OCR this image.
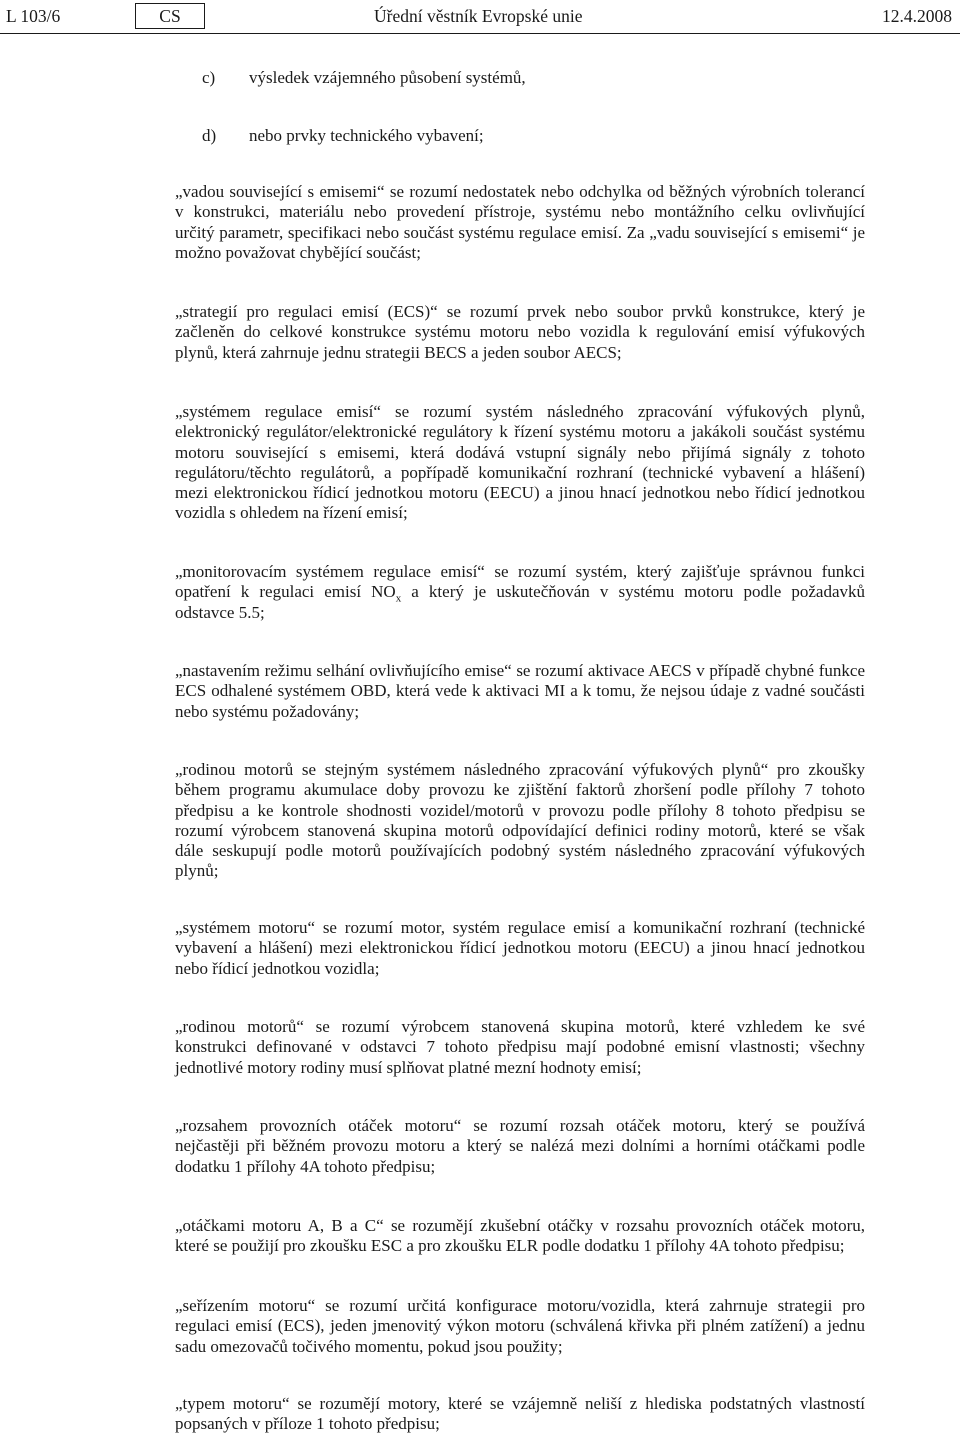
L 103/6	CS	Úřední věstník Evropské unie	12.4.2008
c) výsledek vzájemného působení systémů,
d) nebo prvky technického vybavení;
„vadou související s emisemi“ se rozumí nedostatek nebo odchylka od běžných výrobních tolerancí
v konstrukci, materiálu nebo provedení přístroje, systému nebo montážního celku ovlivňující
určitý parametr, specifikaci nebo součást systému regulace emisí. Za „vadu související s emisemi“ je
možno považovat chybějící součást;
„strategií pro regulaci emisí (ECS)“ se rozumí prvek nebo soubor prvků konstrukce, který je
začleněn do celkové konstrukce systému motoru nebo vozidla k regulování emisí výfukových
plynů, která zahrnuje jednu strategii BECS a jeden soubor AECS;
„systémem regulace emisí“ se rozumí systém následného zpracování výfukových plynů,
elektronický regulátor/elektronické regulátory k řízení systému motoru a jakákoli součást systému
motoru související s emisemi, která dodává vstupní signály nebo přijímá signály z tohoto
regulátoru/těchto regulátorů, a popřípadě komunikační rozhraní (technické vybavení a hlášení)
mezi elektronickou řídicí jednotkou motoru (EECU) a jinou hnací jednotkou nebo řídicí jednotkou
vozidla s ohledem na řízení emisí;
„monitorovacím systémem regulace emisí“ se rozumí systém, který zajišťuje správnou funkci
opatření k regulaci emisí $NO_x$ a který je uskutečňován v systému motoru podle požadavků
odstavce 5.5;
„nastavením režimu selhání ovlivňujícího emise“ se rozumí aktivace AECS v případě chybné funkce
ECS odhalené systémem OBD, která vede k aktivaci MI a k tomu, že nejsou údaje z vadné součásti
nebo systému požadovány;
„rodinou motorů se stejným systémem následného zpracování výfukových plynů“ pro zkoušky
během programu akumulace doby provozu ke zjištění faktorů zhoršení podle přílohy 7 tohoto
předpisu a ke kontrole shodnosti vozidel/motorů v provozu podle přílohy 8 tohoto předpisu se
rozumí výrobcem stanovená skupina motorů odpovídající definici rodiny motorů, které se však
dále seskupují podle motorů používajících podobný systém následného zpracování výfukových
plynů;
„systémem motoru“ se rozumí motor, systém regulace emisí a komunikační rozhraní (technické
vybavení a hlášení) mezi elektronickou řídicí jednotkou motoru (EECU) a jinou hnací jednotkou
nebo řídicí jednotkou vozidla;
„rodinou motorů“ se rozumí výrobcem stanovená skupina motorů, které vzhledem ke své
konstrukci definované v odstavci 7 tohoto předpisu mají podobné emisní vlastnosti; všechny
jednotlivé motory rodiny musí splňovat platné mezní hodnoty emisí;
„rozsahem provozních otáček motoru“ se rozumí rozsah otáček motoru, který se používá
nejčastěji při běžném provozu motoru a který se nalézá mezi dolními a horními otáčkami podle
dodatku 1 přílohy 4A tohoto předpisu;
„otáčkami motoru A, B a C“ se rozumějí zkušební otáčky v rozsahu provozních otáček motoru,
které se použijí pro zkoušku ESC a pro zkoušku ELR podle dodatku 1 přílohy 4A tohoto předpisu;
„seřízením motoru“ se rozumí určitá konfigurace motoru/vozidla, která zahrnuje strategii pro
regulaci emisí (ECS), jeden jmenovitý výkon motoru (schválená křivka při plném zatížení) a jednu
sadu omezovačů točivého momentu, pokud jsou použity;
„typem motoru“ se rozumějí motory, které se vzájemně neliší z hlediska podstatných vlastností
popsaných v příloze 1 tohoto předpisu;
